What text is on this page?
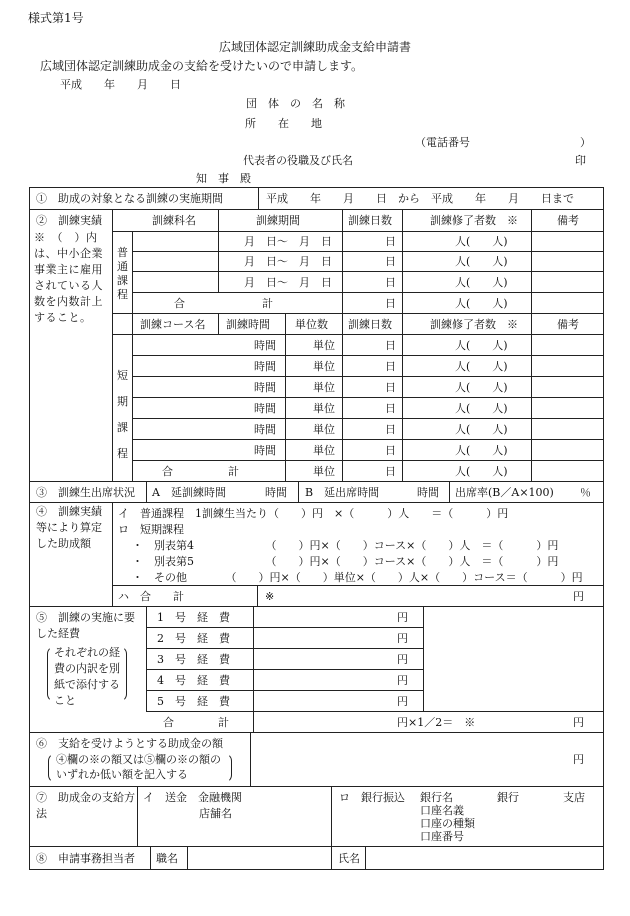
様式第1号
広域団体認定訓練助成金支給申請書
広域団体認定訓練助成金の支給を受けたいので申請します。
平成　　年　　月　　日
団　体　の　名　称
所　　在　　地
（電話番号　　　　　　　　　　）
代表者の役職及び氏名	印
知　事　殿
①　助成の対象となる訓練の実施期間	平成　　年　　月　　日　から　平成　　年　　月　　日まで
②　訓練実績
※　（　）内は、中小企業事業主に雇用されている人数を内数計上すること。
訓練科名	訓練期間	訓練日数	訓練修了者数　※	備考
普通課程
月　日～　月　日	日	人(　　人)
月　日～　月　日	日	人(　　人)
月　日～　月　日	日	人(　　人)
合　　　　　　　計	日	人(　　人)
訓練コース名 訓練時間 単位数 訓練日数	訓練修了者数　※	備考
短期課程
時間	単位	日	人(　　人)
時間	単位	日	人(　　人)
時間	単位	日	人(　　人)
時間	単位	日	人(　　人)
時間	単位	日	人(　　人)
時間	単位	日	人(　　人)
合　　　　　計	単位	日	人(　　人)
③　訓練生出席状況 A　延訓練時間	時間 B　延出席時間	時間 出席率(B／A×100) ％
④　訓練実績等により算定した助成額
イ　普通課程　1訓練生当たり（　　）円　×（　　　）人　　＝（　　　）円
ロ　短期課程
・　別表第4　　　　　　　（　　）円×（　　）コース×（　　）人　＝（　　　）円
・　別表第5　　　　　　　（　　）円×（　　）コース×（　　）人　＝（　　　）円
・　その他　　　　（　　）円×（　　）単位×（　　）人×（　　）コース＝（　　　）円
ハ　合　　計	※	円
⑤　訓練の実施に要した経費
それぞれの経費の内訳を別紙で添付すること
1　号　経　費	円
2　号　経　費	円
3　号　経　費	円
4　号　経　費	円
5　号　経　費	円
合　　　　計	円×1／2＝　※	円
⑥　支給を受けようとする助成金の額
④欄の※の額又は⑤欄の※の額のいずれか低い額を記入する
円
⑦　助成金の支給方法
イ　送金　金融機関
店舗名
ロ　銀行振込 銀行名　　　　銀行　　　　支店
口座名義
口座の種類
口座番号
⑧　申請事務担当者 職名	氏名
